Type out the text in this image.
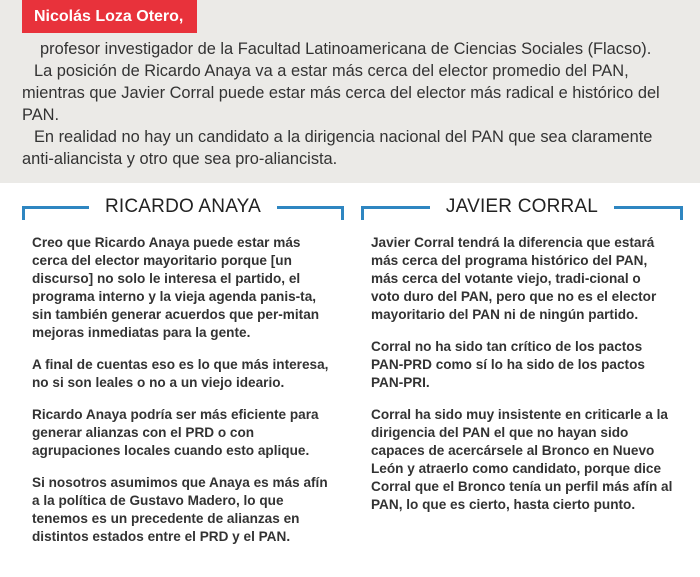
Nicolás Loza Otero,

profesor investigador de la Facultad Latinoamericana de Ciencias Sociales (Flacso).

La posición de Ricardo Anaya va a estar más cerca del elector promedio del PAN, mientras que Javier Corral puede estar más cerca del elector más radical e histórico del PAN.

En realidad no hay un candidato a la dirigencia nacional del PAN que sea claramente anti-aliancista y otro que sea pro-aliancista.

RICARDO ANAYA

Creo que Ricardo Anaya puede estar más cerca del elector mayoritario porque [un discurso] no solo le interesa el partido, el programa interno y la vieja agenda panis-ta, sin también generar acuerdos que per-mitan mejoras inmediatas para la gente.

A final de cuentas eso es lo que más interesa, no si son leales o no a un viejo ideario.

Ricardo Anaya podría ser más eficiente para generar alianzas con el PRD o con agrupaciones locales cuando esto aplique.

Si nosotros asumimos que Anaya es más afín a la política de Gustavo Madero, lo que tenemos es un precedente de alianzas en distintos estados entre el PRD y el PAN.

JAVIER CORRAL

Javier Corral tendrá la diferencia que estará más cerca del programa histórico del PAN, más cerca del votante viejo, tradi-cional o voto duro del PAN, pero que no es el elector mayoritario del PAN ni de ningún partido.

Corral no ha sido tan crítico de los pactos PAN-PRD como sí lo ha sido de los pactos PAN-PRI.

Corral ha sido muy insistente en criticarle a la dirigencia del PAN el que no hayan sido capaces de acercársele al Bronco en Nuevo León y atraerlo como candidato, porque dice Corral que el Bronco tenía un perfil más afín al PAN, lo que es cierto, hasta cierto punto.
